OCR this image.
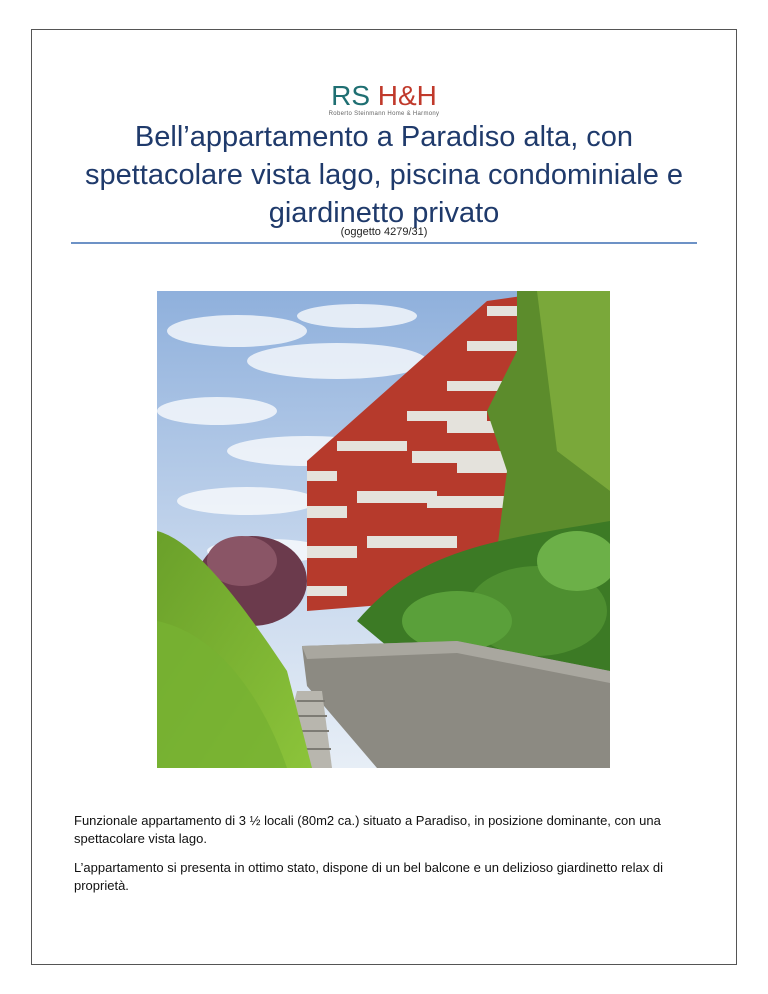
RS H&H
Roberto Steinmann Home & Harmony
Bell’appartamento a Paradiso alta, con spettacolare vista lago, piscina condominiale e giardinetto privato
(oggetto 4279/31)

Funzionale appartamento di 3 ½ locali (80m2 ca.) situato a Paradiso, in posizione dominante, con una spettacolare vista lago.

L’appartamento si presenta in ottimo stato, dispone di un bel balcone e un delizioso giardinetto relax di proprietà.
